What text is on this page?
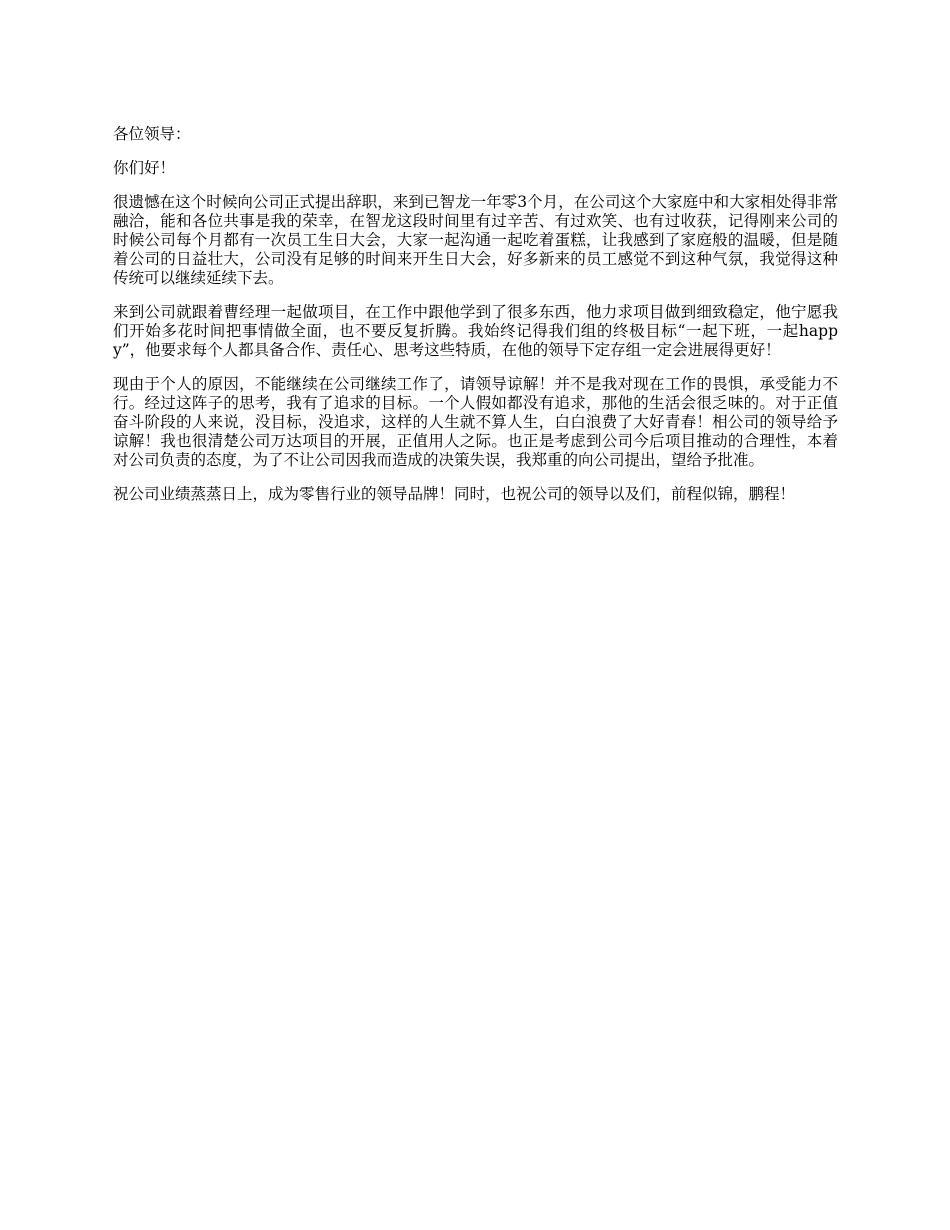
各位领导：

你们好！

很遗憾在这个时候向公司正式提出辞职，来到已智龙一年零3个月，在公司这个大家庭中和大家相处得非常融洽，能和各位共事是我的荣幸，在智龙这段时间里有过辛苦、有过欢笑、也有过收获，记得刚来公司的时候公司每个月都有一次员工生日大会，大家一起沟通一起吃着蛋糕，让我感到了家庭般的温暖，但是随着公司的日益壮大，公司没有足够的时间来开生日大会，好多新来的员工感觉不到这种气氛，我觉得这种传统可以继续延续下去。

来到公司就跟着曹经理一起做项目，在工作中跟他学到了很多东西，他力求项目做到细致稳定，他宁愿我们开始多花时间把事情做全面，也不要反复折腾。我始终记得我们组的终极目标“一起下班，一起happy”，他要求每个人都具备合作、责任心、思考这些特质，在他的领导下定存组一定会进展得更好！

现由于个人的原因，不能继续在公司继续工作了，请领导谅解！并不是我对现在工作的畏惧，承受能力不行。经过这阵子的思考，我有了追求的目标。一个人假如都没有追求，那他的生活会很乏味的。对于正值奋斗阶段的人来说，没目标，没追求，这样的人生就不算人生，白白浪费了大好青春！相公司的领导给予谅解！我也很清楚公司万达项目的开展，正值用人之际。也正是考虑到公司今后项目推动的合理性，本着对公司负责的态度，为了不让公司因我而造成的决策失误，我郑重的向公司提出，望给予批准。

祝公司业绩蒸蒸日上，成为零售行业的领导品牌！同时，也祝公司的领导以及们，前程似锦，鹏程！
